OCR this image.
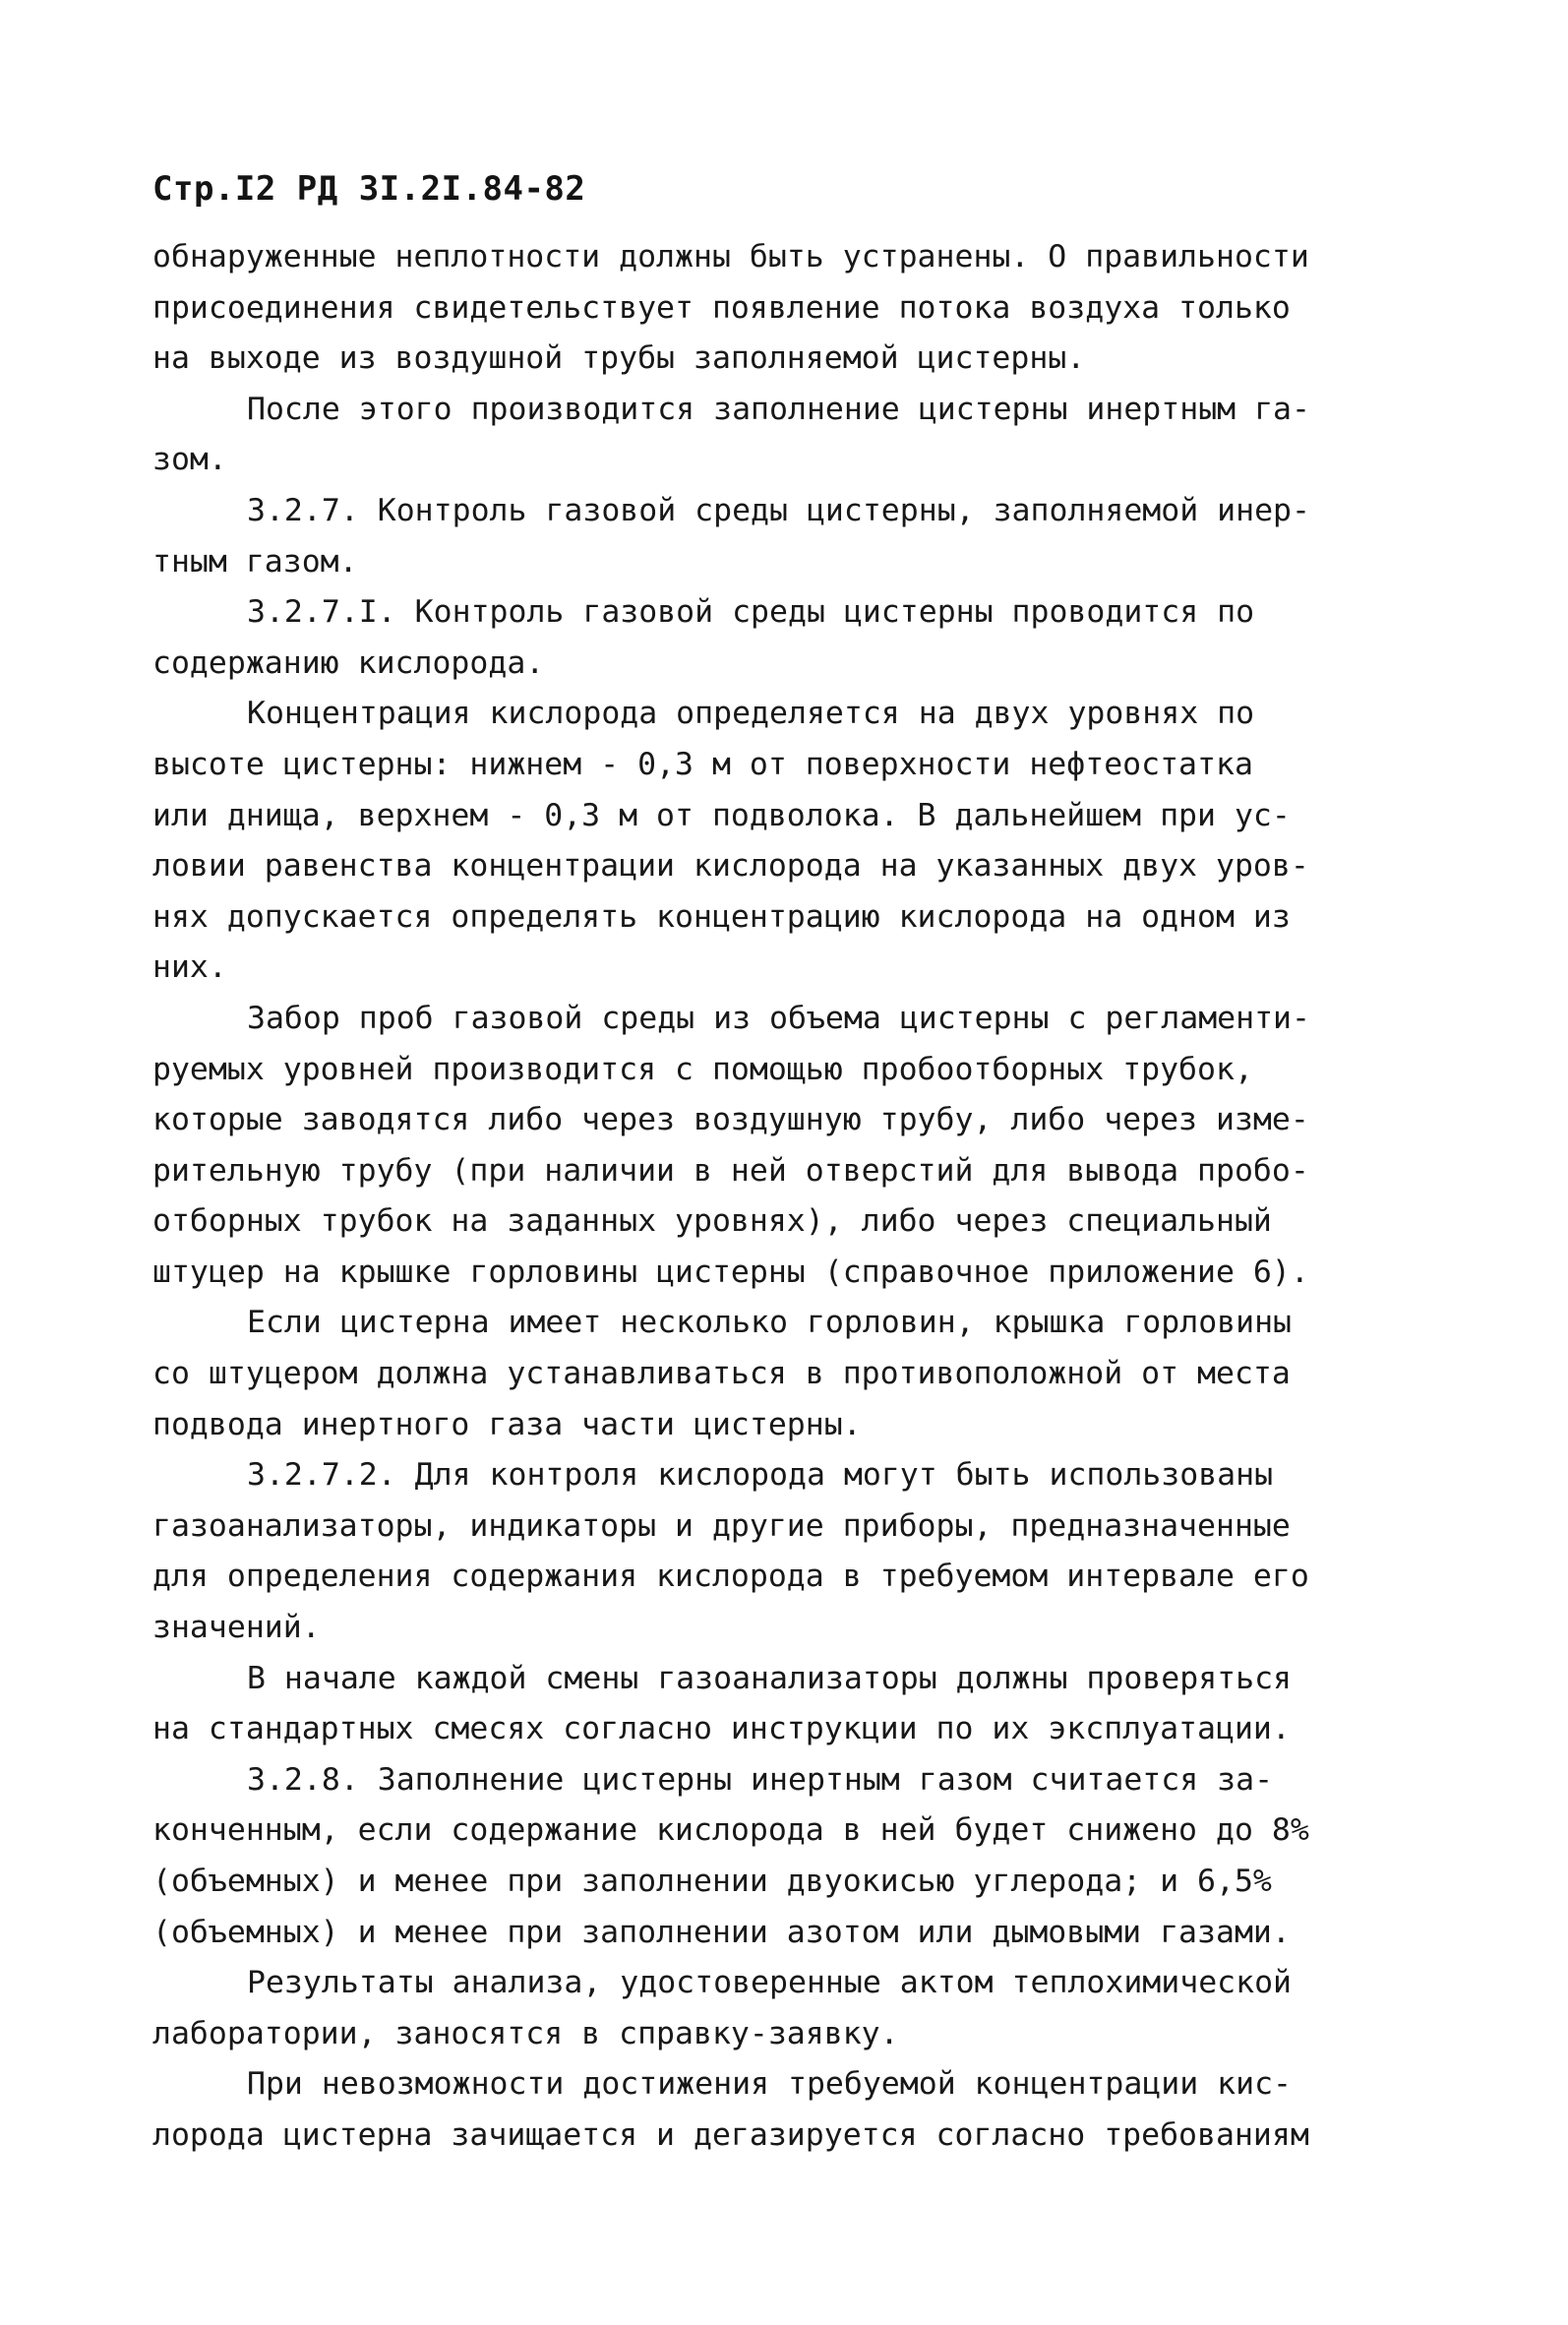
Стр.I2 РД 3I.2I.84-82
обнаруженные неплотности должны быть устранены. О правильности
присоединения свидетельствует появление потока воздуха только
на выходе из воздушной трубы заполняемой цистерны.
После этого производится заполнение цистерны инертным га-
зом.
3.2.7. Контроль газовой среды цистерны, заполняемой инер-
тным газом.
3.2.7.I. Контроль газовой среды цистерны проводится по
содержанию кислорода.
Концентрация кислорода определяется на двух уровнях по
высоте цистерны: нижнем - 0,3 м от поверхности нефтеостатка
или днища, верхнем - 0,3 м от подволока. В дальнейшем при ус-
ловии равенства концентрации кислорода на указанных двух уров-
нях допускается определять концентрацию кислорода на одном из
них.
Забор проб газовой среды из объема цистерны с регламенти-
руемых уровней производится с помощью пробоотборных трубок,
которые заводятся либо через воздушную трубу, либо через изме-
рительную трубу (при наличии в ней отверстий для вывода пробо-
отборных трубок на заданных уровнях), либо через специальный
штуцер на крышке горловины цистерны (справочное приложение 6).
Если цистерна имеет несколько горловин, крышка горловины
со штуцером должна устанавливаться в противоположной от места
подвода инертного газа части цистерны.
3.2.7.2. Для контроля кислорода могут быть использованы
газоанализаторы, индикаторы и другие приборы, предназначенные
для определения содержания кислорода в требуемом интервале его
значений.
В начале каждой смены газоанализаторы должны проверяться
на стандартных смесях согласно инструкции по их эксплуатации.
3.2.8. Заполнение цистерны инертным газом считается за-
конченным, если содержание кислорода в ней будет снижено до 8%
(объемных) и менее при заполнении двуокисью углерода; и 6,5%
(объемных) и менее при заполнении азотом или дымовыми газами.
Результаты анализа, удостоверенные актом теплохимической
лаборатории, заносятся в справку-заявку.
При невозможности достижения требуемой концентрации кис-
лорода цистерна зачищается и дегазируется согласно требованиям
